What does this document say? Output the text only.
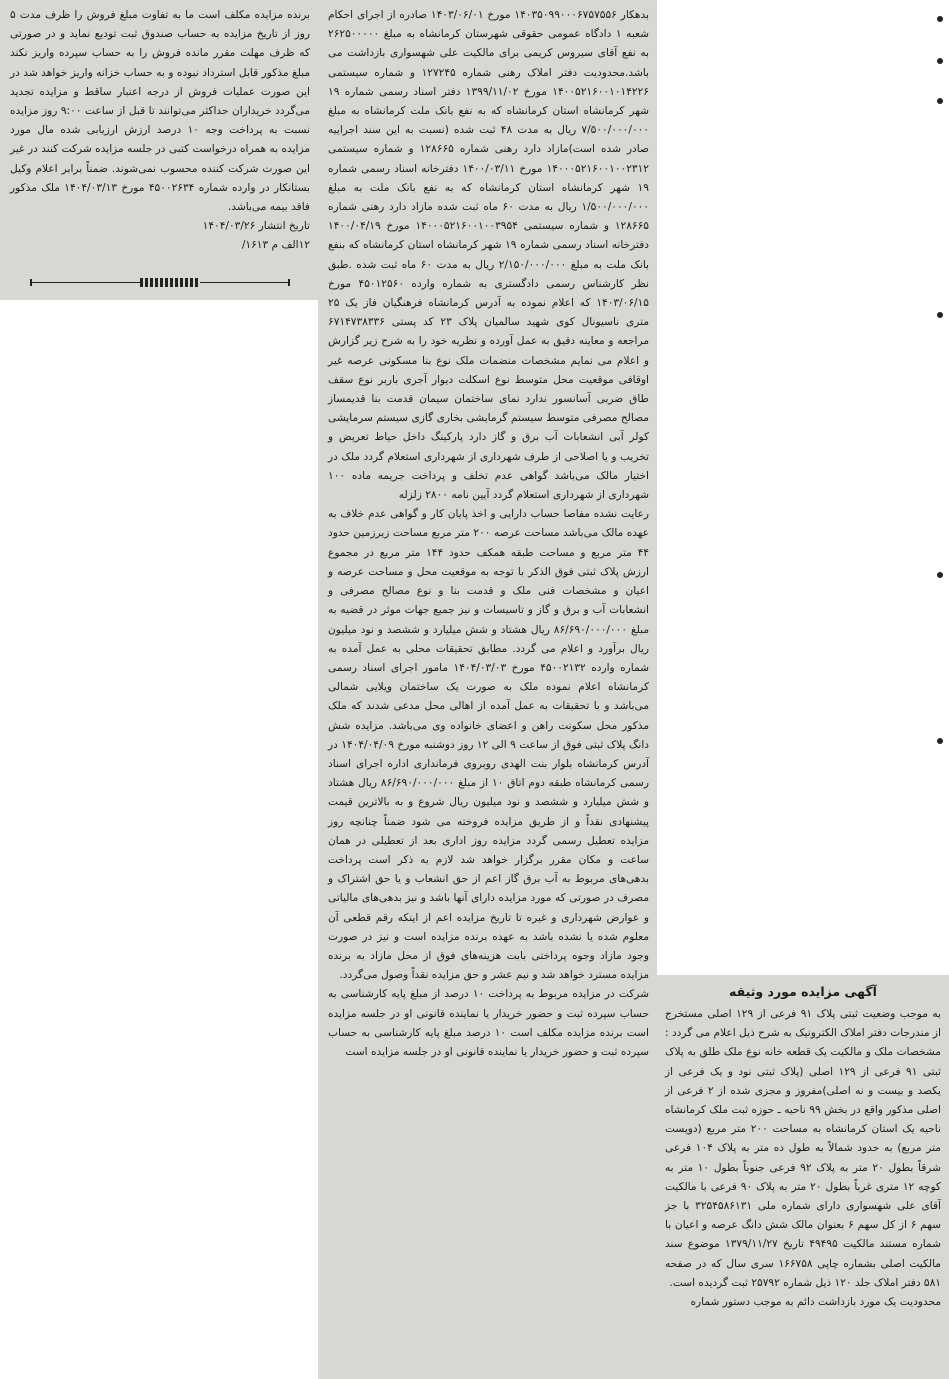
آگهی مزایده مورد وثیقه

به موجب وضعیت ثبتی پلاک ۹۱ فرعی از ۱۲۹ اصلی مستخرج از مندرجات دفتر املاک الکترونیک به شرح ذیل اعلام می گردد : مشخصات ملک و مالکیت یک قطعه خانه نوع ملک طلق به پلاک ثبتی ۹۱ فرعی از ۱۲۹ اصلی (پلاک ثبتی نود و یک فرعی از یکصد و بیست و نه اصلی)مفروز و مجزی شده از ۲ فرعی از اصلی مذکور واقع در بخش ۹۹ ناحیه ـ حوزه ثبت ملک کرمانشاه ناحیه یک استان کرمانشاه به مساحت ۲۰۰ متر مربع (دویست متر مربع) به حدود شمالاً به طول ده متر به پلاک ۱۰۴ فرعی شرقاً بطول ۲۰ متر به پلاک ۹۲ فرعی جنوباً بطول ۱۰ متر به کوچه ۱۲ متری غرباً بطول ۲۰ متر به پلاک ۹۰ فرعی با مالکیت آقای علی شهسواری دارای شماره ملی ۳۲۵۴۵۸۶۱۳۱ با جز سهم ۶ از کل سهم ۶ بعنوان مالک شش دانگ عرصه و اعیان با شماره مستند مالکیت ۴۹۴۹۵ تاریخ ۱۳۷۹/۱۱/۲۷ موضوع سند مالکیت اصلی بشماره چاپی ۱۶۶۷۵۸ سری سال که در صفحه ۵۸۱ دفتر املاک جلد ۱۲۰ ذیل شماره ۲۵۷۹۲ ثبت گردیده است.

محدودیت یک مورد بازداشت دائم به موجب دستور شماره

بدهکار ۱۴۰۳۵۰۹۹۰۰۰۶۷۵۷۵۵۶ مورخ ۱۴۰۳/۰۶/۰۱ صادره از اجرای احکام شعبه ۱ دادگاه عمومی حقوقی شهرستان کرمانشاه به مبلغ ۲۶۲۵۰۰۰۰۰ به نفع آقای سیروس کریمی برای مالکیت علی شهسواری بازداشت می باشد.محدودیت دفتر املاک رهنی شماره ۱۲۷۲۴۵ و شماره سیستمی ۱۴۰۰۵۲۱۶۰۰۱۰۱۴۲۲۶ مورخ ۱۳۹۹/۱۱/۰۲ دفتر اسناد رسمی شماره ۱۹ شهر کرمانشاه استان کرمانشاه که به نفع بانک ملت کرمانشاه به مبلغ ۷/۵۰۰/۰۰۰/۰۰۰ ریال به مدت ۴۸ ثبت شده (نسبت به این سند اجراییه صادر شده است)مازاد دارد رهنی شماره ۱۲۸۶۶۵ و شماره سیستمی ۱۴۰۰۰۵۲۱۶۰۰۱۰۰۲۳۱۲ مورخ ۱۴۰۰/۰۳/۱۱ دفترخانه اسناد رسمی شماره ۱۹ شهر کرمانشاه استان کرمانشاه که به نفع بانک ملت به مبلغ ۱/۵۰۰/۰۰۰/۰۰۰ ریال به مدت ۶۰ ماه ثبت شده مازاد دارد رهنی شماره ۱۲۸۶۶۵ و شماره سیستمی ۱۴۰۰۰۵۲۱۶۰۰۱۰۰۳۹۵۴ مورخ ۱۴۰۰/۰۴/۱۹ دفترخانه اسناد رسمی شماره ۱۹ شهر کرمانشاه استان کرمانشاه که بنفع بانک ملت به مبلغ ۲/۱۵۰/۰۰۰/۰۰۰ ریال به مدت ۶۰ ماه ثبت شده .طبق نظر کارشناس رسمی دادگستری به شماره وارده ۴۵۰۱۲۵۶۰ مورخ ۱۴۰۳/۰۶/۱۵ که اعلام نموده به آدرس کرمانشاه فرهنگیان فاز یک ۲۵ متری ناسیونال کوی شهید سالمیان پلاک ۲۳ کد پستی ۶۷۱۴۷۳۸۳۳۶ مراجعه و معاینه دقیق به عمل آورده و نظریه خود را به شرح زیر گزارش و اعلام می نمایم مشخصات منضمات ملک نوع بنا مسکونی عرصه غیر اوقافی موقعیت محل متوسط نوع اسکلت دیوار آجری باربر نوع سقف طاق ضربی آسانسور ندارد نمای ساختمان سیمان قدمت بنا قدیمساز مصالح مصرفی متوسط سیستم گرمایشی بخاری گازی سیستم سرمایشی کولر آبی انشعابات آب برق و گاز دارد پارکینگ داخل حیاط تعریض و تخریب و یا اصلاحی از طرف شهرداری از شهرداری استعلام گردد ملک در اختیار مالک می‌باشد گواهی عدم تخلف و پرداخت جریمه ماده ۱۰۰ شهرداری از شهرداری استعلام گردد آیین نامه ۲۸۰۰ زلزله

رعایت نشده مفاصا حساب دارایی و اخذ پایان کار و گواهی عدم خلاف به عهده مالک می‌باشد مساحت عرصه ۲۰۰ متر مربع مساحت زیرزمین حدود ۴۴ متر مربع و مساحت طبقه همکف حدود ۱۴۴ متر مربع در مجموع ارزش پلاک ثبتی فوق الذکر با توجه به موقعیت محل و مساحت عرصه و اعیان و مشخصات فنی ملک و قدمت بنا و نوع مصالح مصرفی و انشعابات آب و برق و گاز و تاسیسات و نیز جمیع جهات موثر در قضیه به مبلغ ۸۶/۶۹۰/۰۰۰/۰۰۰ ریال هشتاد و شش میلیارد و ششصد و نود میلیون ریال برآورد و اعلام می گردد. مطابق تحقیقات محلی به عمل آمده به شماره وارده ۴۵۰۰۲۱۳۲ مورخ ۱۴۰۴/۰۳/۰۳ مامور اجرای اسناد رسمی کرمانشاه اعلام نموده ملک به صورت یک ساختمان ویلایی شمالی می‌باشد و با تحقیقات به عمل آمده از اهالی محل مدعی شدند که ملک مذکور محل سکونت راهن و اعضای خانواده وی می‌باشد. مزایده شش دانگ پلاک ثبتی فوق از ساعت ۹ الی ۱۲ روز دوشنبه مورخ ۱۴۰۴/۰۴/۰۹ در آدرس کرمانشاه بلوار بنت الهدی روبروی فرمانداری اداره اجرای اسناد رسمی کرمانشاه طبقه دوم اتاق ۱۰ از مبلغ ۸۶/۶۹۰/۰۰۰/۰۰۰ ریال هشتاد و شش میلیارد و ششصد و نود میلیون ریال شروع و به بالاترین قیمت پیشنهادی نقداً و از طریق مزایده فروخته می شود ضمناً چنانچه روز مزایده تعطیل رسمی گردد مزایده روز اداری بعد از تعطیلی در همان ساعت و مکان مقرر برگزار خواهد شد لازم به ذکر است پرداخت بدهی‌های مربوط به آب برق گاز اعم از حق انشعاب و یا حق اشتراک و مصرف در صورتی که مورد مزایده دارای آنها باشد و نیز بدهی‌های مالیاتی و عوارض شهرداری و غیره تا تاریخ مزایده اعم از اینکه رقم قطعی آن معلوم شده یا نشده باشد به عهده برنده مزایده است و نیز در صورت وجود مازاد وجوه پرداختی بابت هزینه‌های فوق از محل مازاد به برنده مزایده مسترد خواهد شد و نیم عشر و حق مزایده نقداً وصول می‌گردد.

شرکت در مزایده مربوط به پرداخت ۱۰ درصد از مبلغ پایه کارشناسی به حساب سپرده ثبت و حضور خریدار یا نماینده قانونی او در جلسه مزایده است برنده مزایده مکلف است ۱۰ درصد مبلغ پایه کارشناسی به حساب سپرده ثبت و حضور خریدار یا نماینده قانونی او در جلسه مزایده است

برنده مزایده مکلف است ما به تفاوت مبلغ فروش را ظرف مدت ۵ روز از تاریخ مزایده به حساب صندوق ثبت تودیع نماید و در صورتی که ظرف مهلت مقرر مانده فروش را به حساب سپرده واریز نکند مبلغ مذکور قابل استرداد نبوده و به حساب خزانه واریز خواهد شد در این صورت عملیات فروش از درجه اعتبار ساقط و مزایده تجدید می‌گردد خریداران حداکثر می‌توانند تا قبل از ساعت ۹:۰۰ روز مزایده نسبت به پرداخت وجه ۱۰ درصد ارزش ارزیابی شده مال مورد مزایده به همراه درخواست کتبی در جلسه مزایده شرکت کنند در غیر این صورت شرکت کننده محسوب نمی‌شوند. ضمناً برابر اعلام وکیل بستانکار در وارده شماره ۴۵۰۰۲۶۳۴ مورخ ۱۴۰۴/۰۳/۱۳ ملک مذکور فاقد بیمه می‌باشد.

تاریخ انتشار ۱۴۰۴/۰۳/۲۶
۱۲الف م ۱۶۱۳/
